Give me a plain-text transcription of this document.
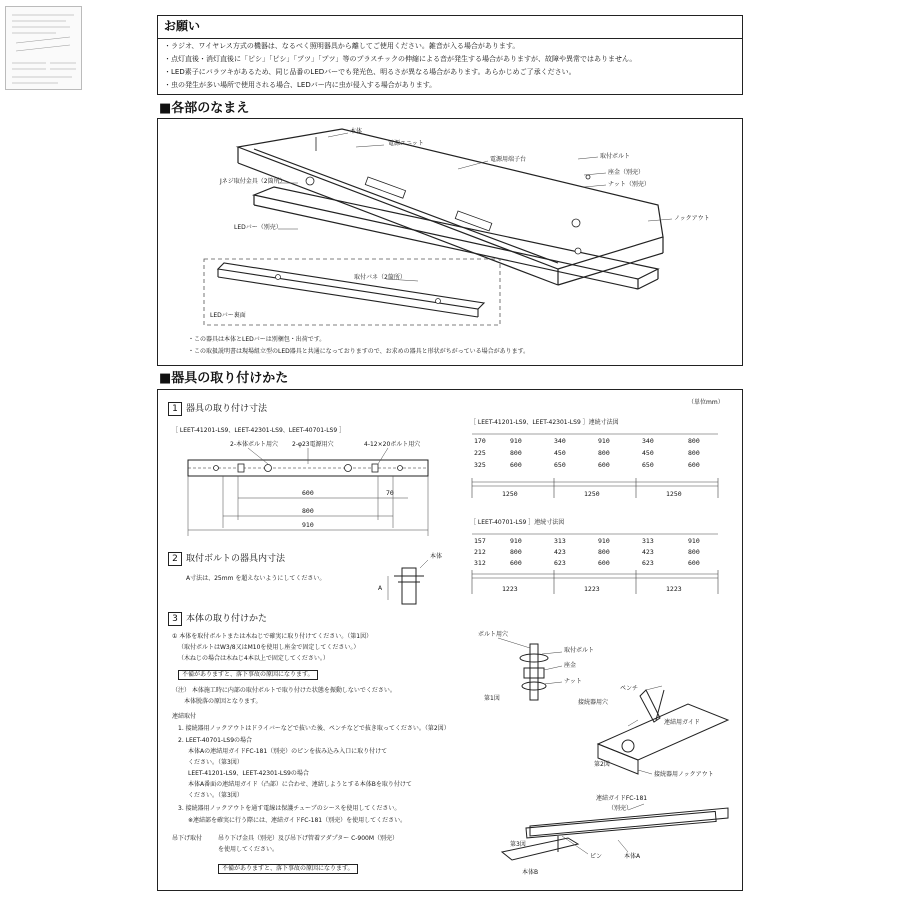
お願い
・ラジオ、ワイヤレス方式の機器は、なるべく照明器具から離してご使用ください。雑音が入る場合があります。
・点灯直後・消灯直後に「ピシ」「ピシ」「プツ」「プツ」等のプラスチックの伸縮による音が発生する場合がありますが、故障や異常ではありません。
・LED素子にバラツキがあるため、同じ品番のLEDバーでも発光色、明るさが異なる場合があります。あらかじめご了承ください。
・虫の発生が多い場所で使用される場合、LEDバー内に虫が侵入する場合があります。
■各部のなまえ
本体
電源ユニット
電源用端子台	取付ボルト
座金（別売）
ナット（別売）
ノックアウト
Jネジ取付金具（2箇所）
LEDバー（別売）
取付バネ（2箇所）
LEDバー裏面
・この器具は本体とLEDバーは別梱包・出荷です。
・この取扱説明書は現場組立型のLED器具と共通になっておりますので、お求めの器具と形状がちがっている場合があります。
■器具の取り付けかた
（単位mm）
1 器具の取り付け寸法
［ LEET-41201-LS9、LEET-42301-LS9、LEET-40701-LS9 ］
2-本体ボルト用穴 2-φ23電源用穴	4-12×20ボルト用穴
600	70
800
910
［ LEET-41201-LS9、LEET-42301-LS9 ］連続寸法図
170	910	340	910	340	800
225	800	450	800	450	800
325	600	650	600	650	600
1250	1250	1250
［ LEET-40701-LS9 ］連続寸法図
157	910	313	910	313	910
212	800	423	800	423	800
312	600	623	600	623	600
1223	1223	1223
2 取付ボルトの器具内寸法
A寸法は、25mm を超えないようにしてください。
A
本体
3 本体の取り付けかた
① 本体を取付ボルトまたは木ねじで確実に取り付けてください。（第1図）
（取付ボルトはW3/8又はM10を使用し座金で固定してください。）
（木ねじの場合は木ねじ4本以上で固定してください。）
不備がありますと、落下事故の原因になります。
（注） 本体施工時に内部の取付ボルトで取り付けた状態を振動しないでください。
本体脱落の原因となります。
連結取付
1. 接続器用ノックアウトはドライバーなどで抜いた後、ペンチなどで抜き取ってください。（第2図）
2. LEET-40701-LS9の場合
本体Aの連結用ガイドFC-181（別売）のピンを抜み込み入口に取り付けて
ください。（第3図）
LEET-41201-LS9、LEET-42301-LS9の場合
本体A番面の連結用ガイド（凸部）に合わせ、連結しようとする本体Bを取り付けて
ください。（第3図）
3. 接続器用ノックアウトを通す電線は保護チューブのシースを使用してください。
※連結部を確実に行う際には、連結ガイドFC-181（別売）を使用してください。
吊下げ取付	吊り下げ金具（別売）及び吊下げ管着アダプター C-900M（別売）
を使用してください。
不備がありますと、落下事故の原因になります。
ボルト用穴
取付ボルト
座金
ナット
第1図
ペンチ
接続器用穴
連結用ガイド
第2図
接続器用ノックアウト
連結ガイドFC-181
（別売）
ピン	本体A
第3図
本体B
